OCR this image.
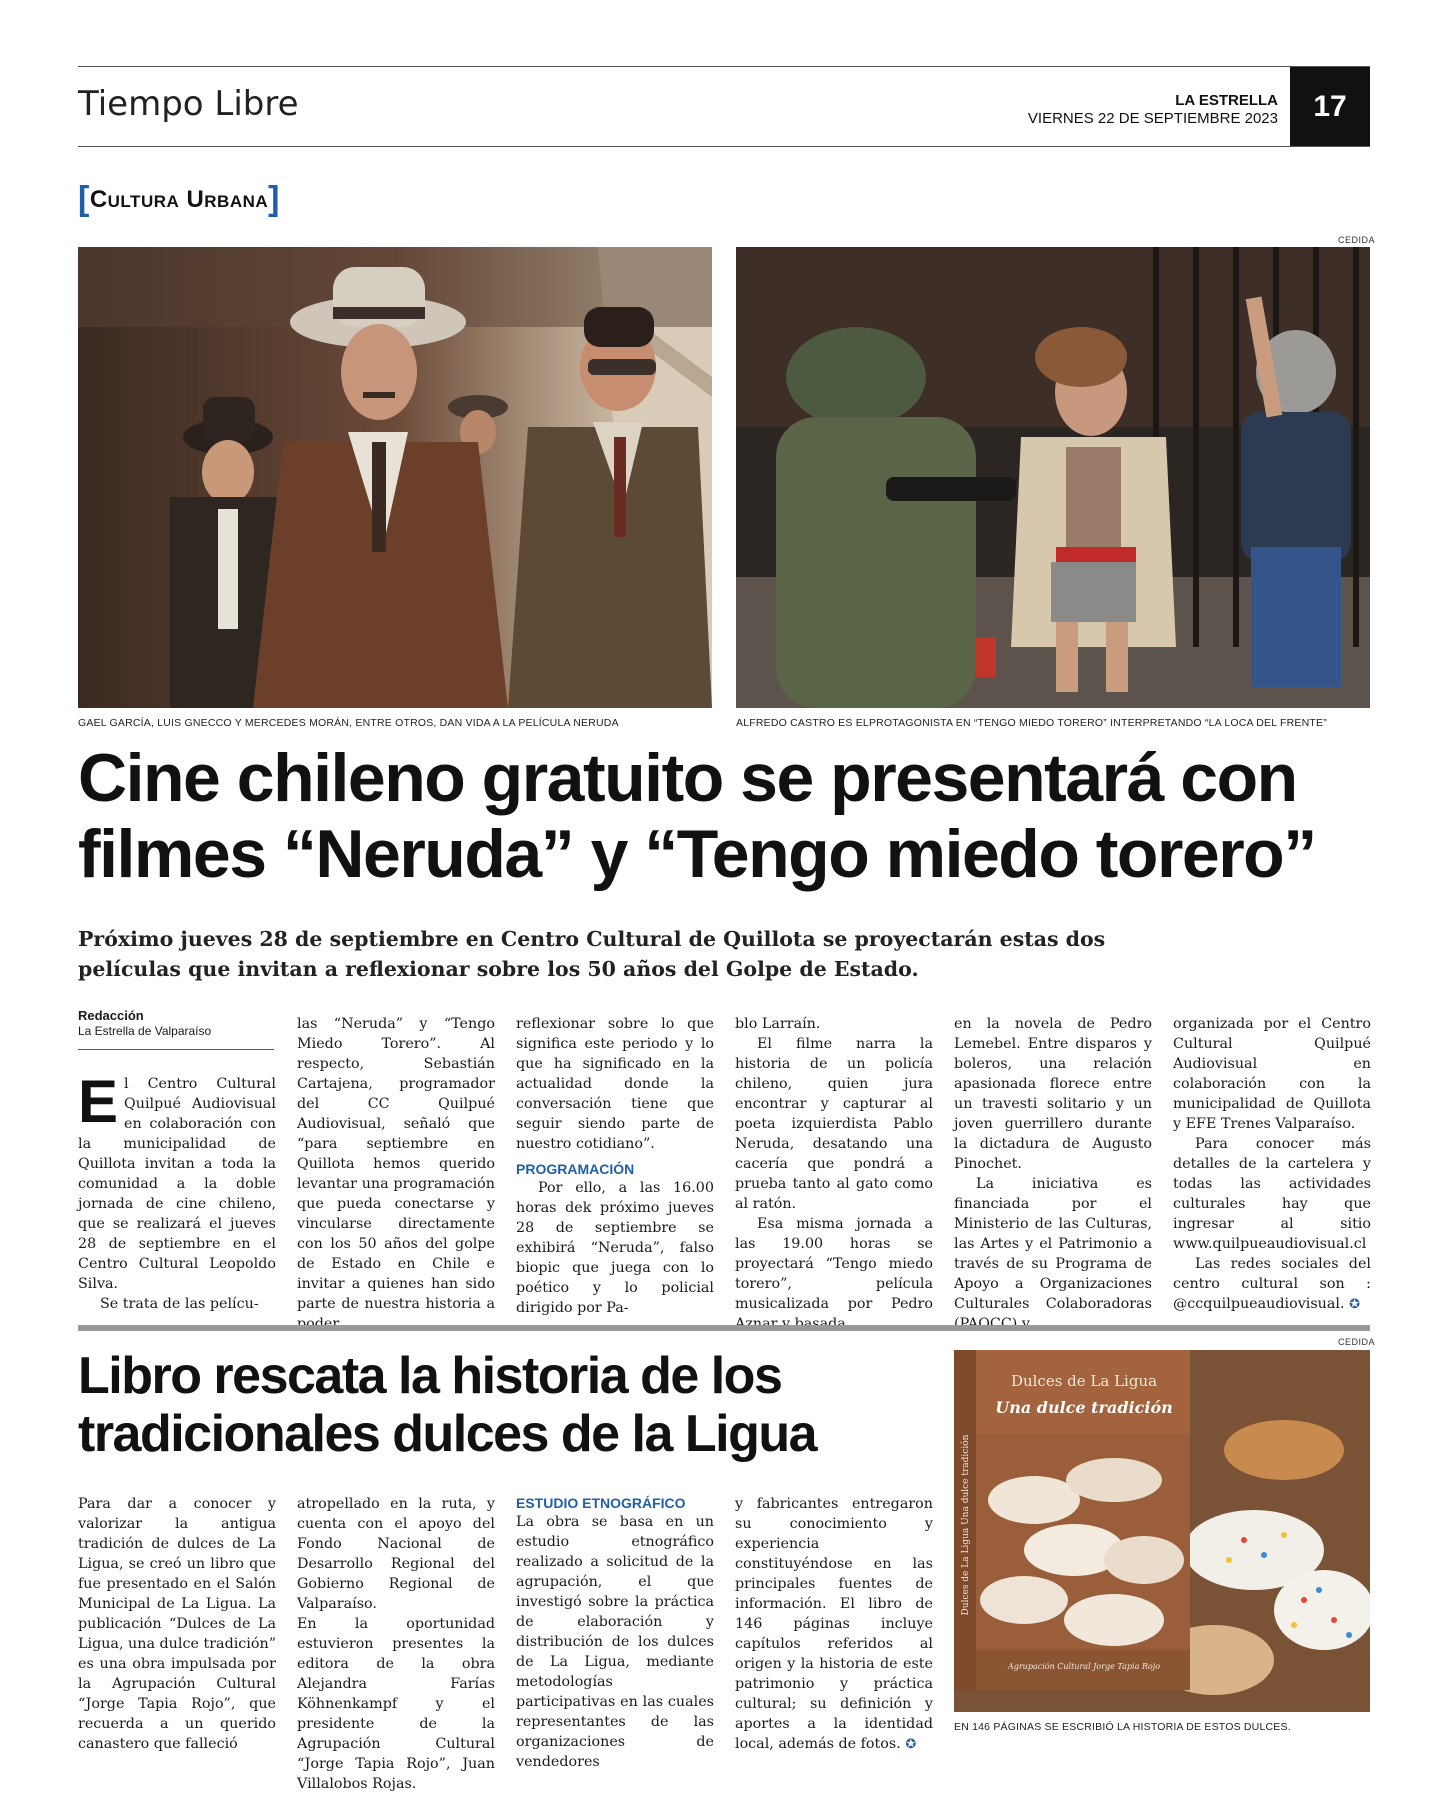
Tiempo Libre	LA ESTRELLA
VIERNES 22 DE SEPTIEMBRE 2023	17
[Cultura Urbana]
CEDIDA
GAEL GARCÍA, LUIS GNECCO Y MERCEDES MORÁN, ENTRE OTROS, DAN VIDA A LA PELÍCULA NERUDA	ALFREDO CASTRO ES ELPROTAGONISTA EN “TENGO MIEDO TORERO” INTERPRETANDO “LA LOCA DEL FRENTE”
Cine chileno gratuito se presentará con
filmes “Neruda” y “Tengo miedo torero”
Próximo jueves 28 de septiembre en Centro Cultural de Quillota se proyectarán estas dos películas que invitan a reflexionar sobre los 50 años del Golpe de Estado.
Redacción
La Estrella de Valparaíso

El Centro Cultural Quilpué Audiovisual en colaboración con la municipalidad de Quillota invitan a toda la comunidad a la doble jornada de cine chileno, que se realizará el jueves 28 de septiembre en el Centro Cultural Leopoldo Silva.

Se trata de las pelícu-

las “Neruda” y “Tengo Miedo Torero”. Al respecto, Sebastián Cartajena, programador del CC Quilpué Audiovisual, señaló que “para septiembre en Quillota hemos querido levantar una programación que pueda conectarse y vincularse directamente con los 50 años del golpe de Estado en Chile e invitar a quienes han sido parte de nuestra historia a poder

reflexionar sobre lo que significa este periodo y lo que ha significado en la actualidad donde la conversación tiene que seguir siendo parte de nuestro cotidiano”.

PROGRAMACIÓN

Por ello, a las 16.00 horas dek próximo jueves 28 de septiembre se exhibirá “Neruda”, falso biopic que juega con lo poético y lo policial dirigido por Pa-

blo Larraín.

El filme narra la historia de un policía chileno, quien jura encontrar y capturar al poeta izquierdista Pablo Neruda, desatando una cacería que pondrá a prueba tanto al gato como al ratón.

Esa misma jornada a las 19.00 horas se proyectará “Tengo miedo torero”, película musicalizada por Pedro Aznar y basada

en la novela de Pedro Lemebel. Entre disparos y boleros, una relación apasionada florece entre un travesti solitario y un joven guerrillero durante la dictadura de Augusto Pinochet.

La iniciativa es financiada por el Ministerio de las Culturas, las Artes y el Patrimonio a través de su Programa de Apoyo a Organizaciones Culturales Colaboradoras (PAOCC) y

organizada por el Centro Cultural Quilpué Audiovisual en colaboración con la municipalidad de Quillota y EFE Trenes Valparaíso.

Para conocer más detalles de la cartelera y todas las actividades culturales hay que ingresar al sitio www.quilpueaudiovisual.cl

Las redes sociales del centro cultural son : @ccquilpueaudiovisual. ✪

CEDIDA
Libro rescata la historia de los
tradicionales dulces de la Ligua

Para dar a conocer y valorizar la antigua tradición de dulces de La Ligua, se creó un libro que fue presentado en el Salón Municipal de La Ligua. La publicación “Dulces de La Ligua, una dulce tradición” es una obra impulsada por la Agrupación Cultural “Jorge Tapia Rojo”, que recuerda a un querido canastero que falleció

atropellado en la ruta, y cuenta con el apoyo del Fondo Nacional de Desarrollo Regional del Gobierno Regional de Valparaíso.

En la oportunidad estuvieron presentes la editora de la obra Alejandra Farías Köhnenkampf y el presidente de la Agrupación Cultural “Jorge Tapia Rojo”, Juan Villalobos Rojas.

ESTUDIO ETNOGRÁFICO

La obra se basa en un estudio etnográfico realizado a solicitud de la agrupación, el que investigó sobre la práctica de elaboración y distribución de los dulces de La Ligua, mediante metodologías participativas en las cuales representantes de las organizaciones de vendedores

y fabricantes entregaron su conocimiento y experiencia constituyéndose en las principales fuentes de información. El libro de 146 páginas incluye capítulos referidos al origen y la historia de este patrimonio y práctica cultural; su definición y aportes a la identidad local, además de fotos. ✪

Dulces de La Ligua
Una dulce tradición
Dulces de La Ligua Una dulce tradición
Agrupación Cultural Jorge Tapia Rojo
EN 146 PÁGINAS SE ESCRIBIÓ LA HISTORIA DE ESTOS DULCES.
